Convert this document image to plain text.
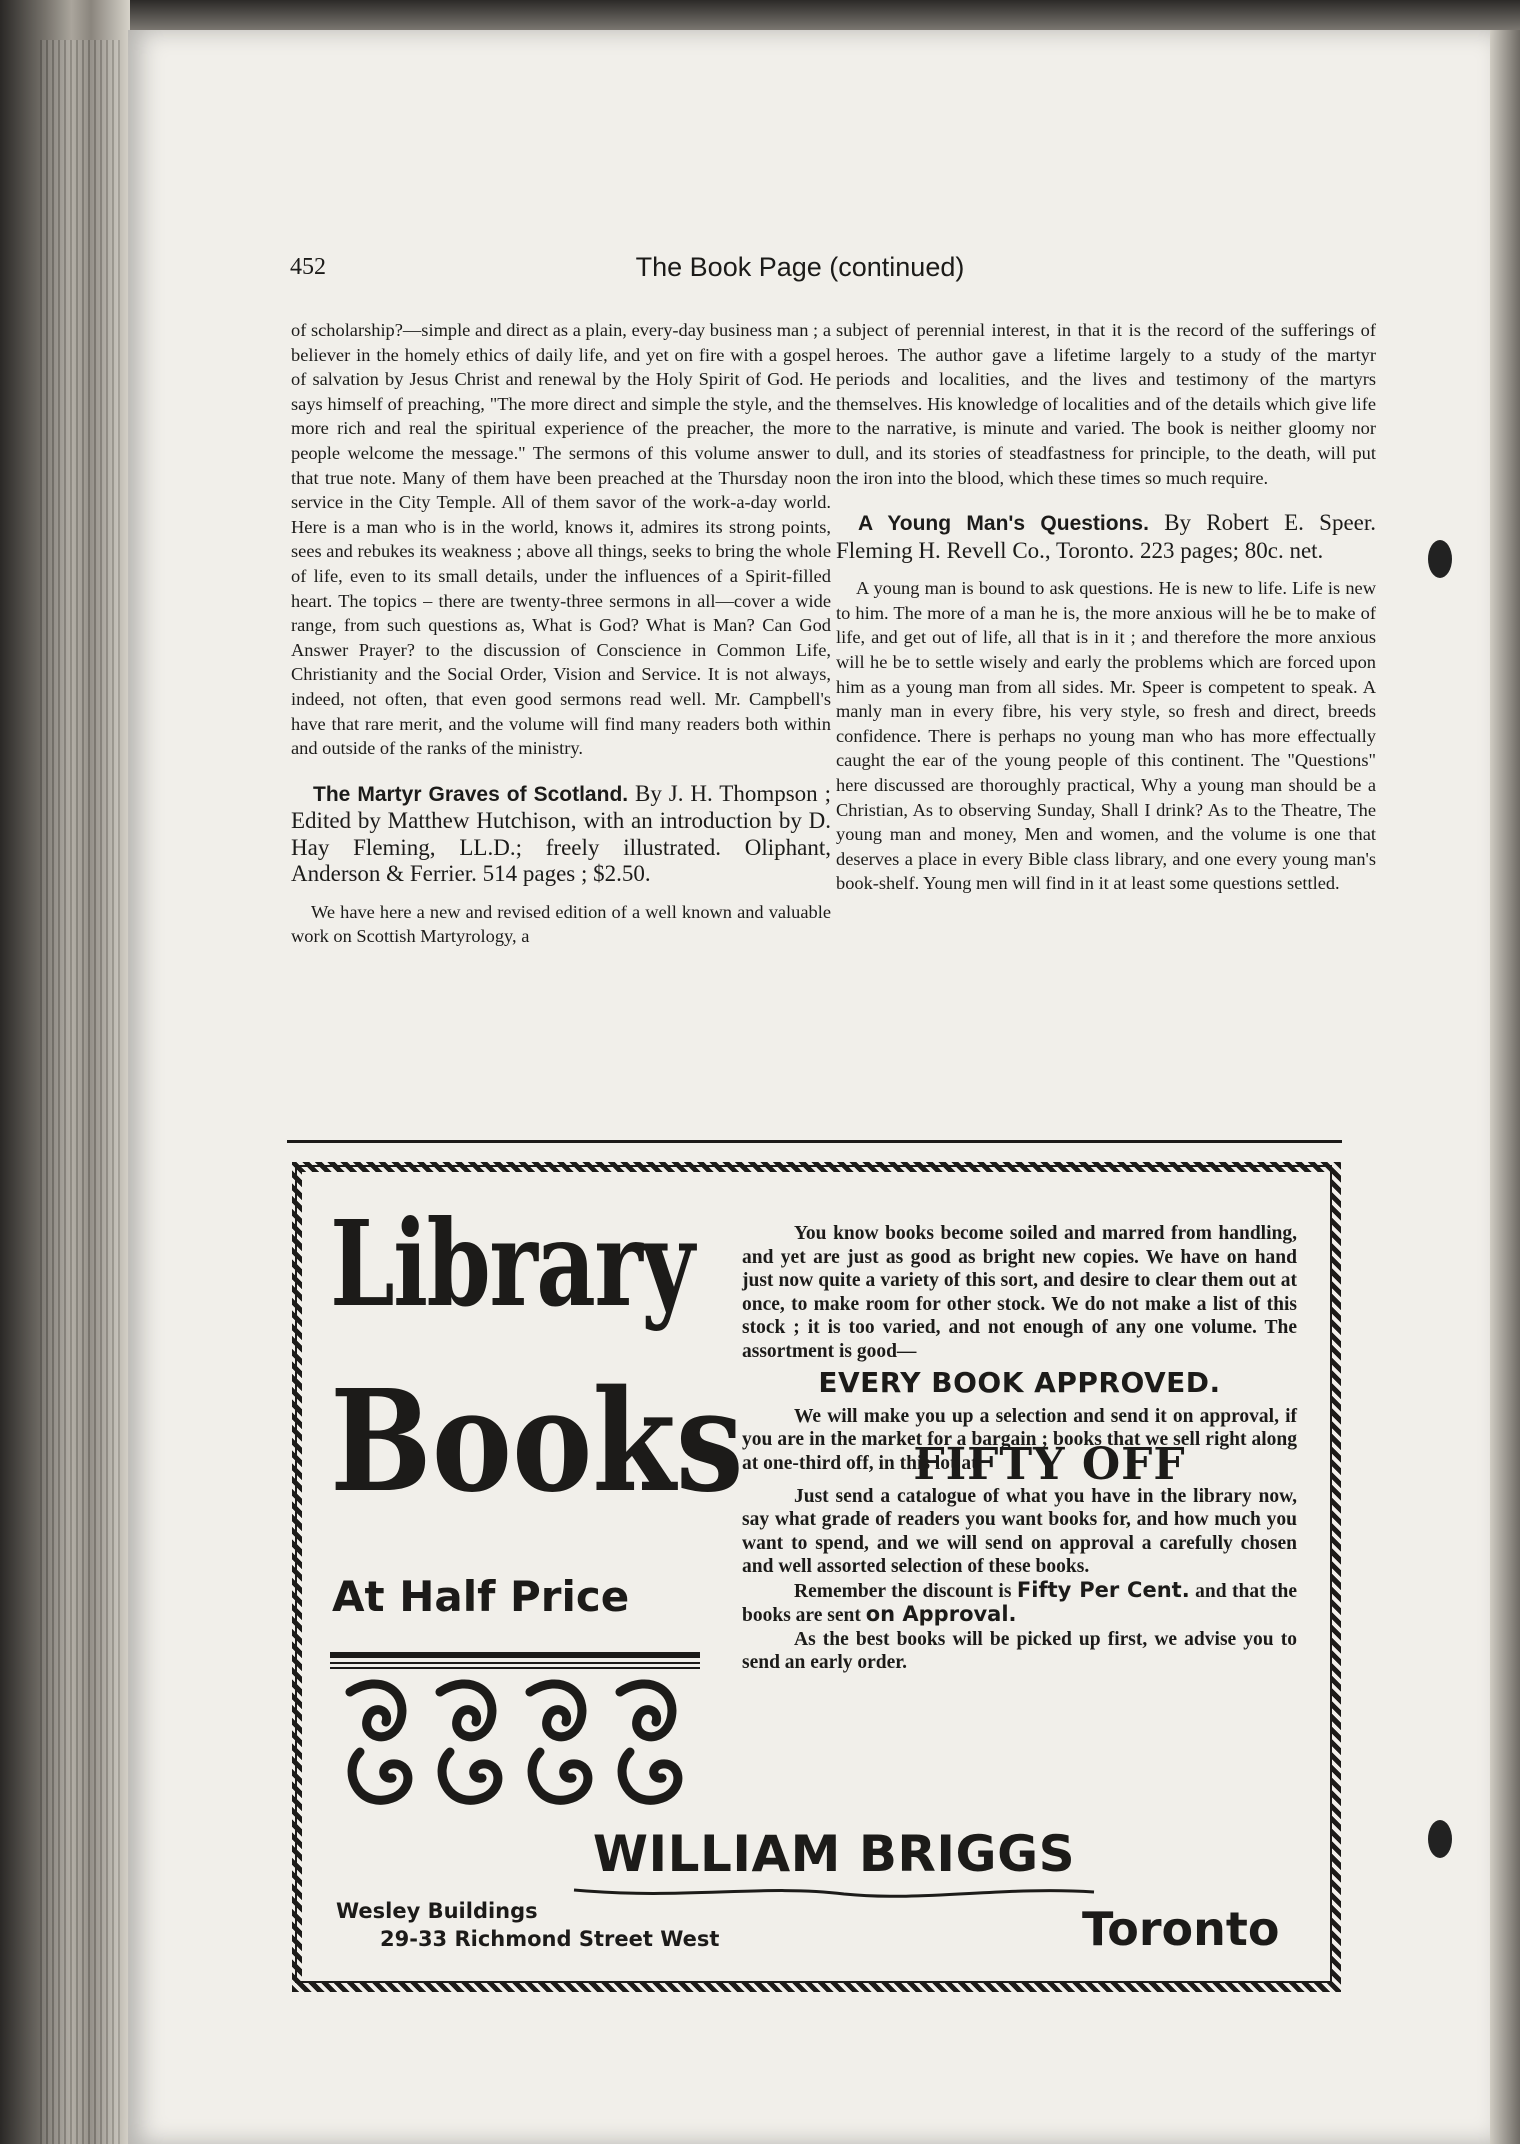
452	The Book Page (continued)

of scholarship?—simple and direct as a plain, every-day business man ; a believer in the homely ethics of daily life, and yet on fire with a gospel of salvation by Jesus Christ and renewal by the Holy Spirit of God. He says himself of preaching, "The more direct and simple the style, and the more rich and real the spiritual experience of the preacher, the more people welcome the message." The sermons of this volume answer to that true note. Many of them have been preached at the Thursday noon service in the City Temple. All of them savor of the work-a-day world. Here is a man who is in the world, knows it, admires its strong points, sees and rebukes its weakness ; above all things, seeks to bring the whole of life, even to its small details, under the influences of a Spirit-filled heart. The topics – there are twenty-three sermons in all—cover a wide range, from such questions as, What is God? What is Man? Can God Answer Prayer? to the discussion of Conscience in Common Life, Christianity and the Social Order, Vision and Service. It is not always, indeed, not often, that even good sermons read well. Mr. Campbell's have that rare merit, and the volume will find many readers both within and outside of the ranks of the ministry.

The Martyr Graves of Scotland. By J. H. Thompson ; Edited by Matthew Hutchison, with an introduction by D. Hay Fleming, LL.D.; freely illustrated. Oliphant, Anderson & Ferrier. 514 pages ; $2.50.

We have here a new and revised edition of a well known and valuable work on Scottish Martyrology, a

subject of perennial interest, in that it is the record of the sufferings of heroes. The author gave a lifetime largely to a study of the martyr periods and localities, and the lives and testimony of the martyrs themselves. His knowledge of localities and of the details which give life to the narrative, is minute and varied. The book is neither gloomy nor dull, and its stories of steadfastness for principle, to the death, will put the iron into the blood, which these times so much require.

A Young Man's Questions. By Robert E. Speer. Fleming H. Revell Co., Toronto. 223 pages; 80c. net.

A young man is bound to ask questions. He is new to life. Life is new to him. The more of a man he is, the more anxious will he be to make of life, and get out of life, all that is in it ; and therefore the more anxious will he be to settle wisely and early the problems which are forced upon him as a young man from all sides. Mr. Speer is competent to speak. A manly man in every fibre, his very style, so fresh and direct, breeds confidence. There is perhaps no young man who has more effectually caught the ear of the young people of this continent. The "Questions" here discussed are thoroughly practical, Why a young man should be a Christian, As to observing Sunday, Shall I drink? As to the Theatre, The young man and money, Men and women, and the volume is one that deserves a place in every Bible class library, and one every young man's book-shelf. Young men will find in it at least some questions settled.

Library
Books
At Half Price

You know books become soiled and marred from handling, and yet are just as good as bright new copies. We have on hand just now quite a variety of this sort, and desire to clear them out at once, to make room for other stock. We do not make a list of this stock ; it is too varied, and not enough of any one volume. The assortment is good—

EVERY BOOK APPROVED.

We will make you up a selection and send it on approval, if you are in the market for a bargain ; books that we sell right along at one-third off, in this lot at

FIFTY OFF

Just send a catalogue of what you have in the library now, say what grade of readers you want books for, and how much you want to spend, and we will send on approval a carefully chosen and well assorted selection of these books.

Remember the discount is Fifty Per Cent. and that the books are sent on Approval.

As the best books will be picked up first, we advise you to send an early order.

WILLIAM BRIGGS
Wesley Buildings
29-33 Richmond Street West	Toronto
